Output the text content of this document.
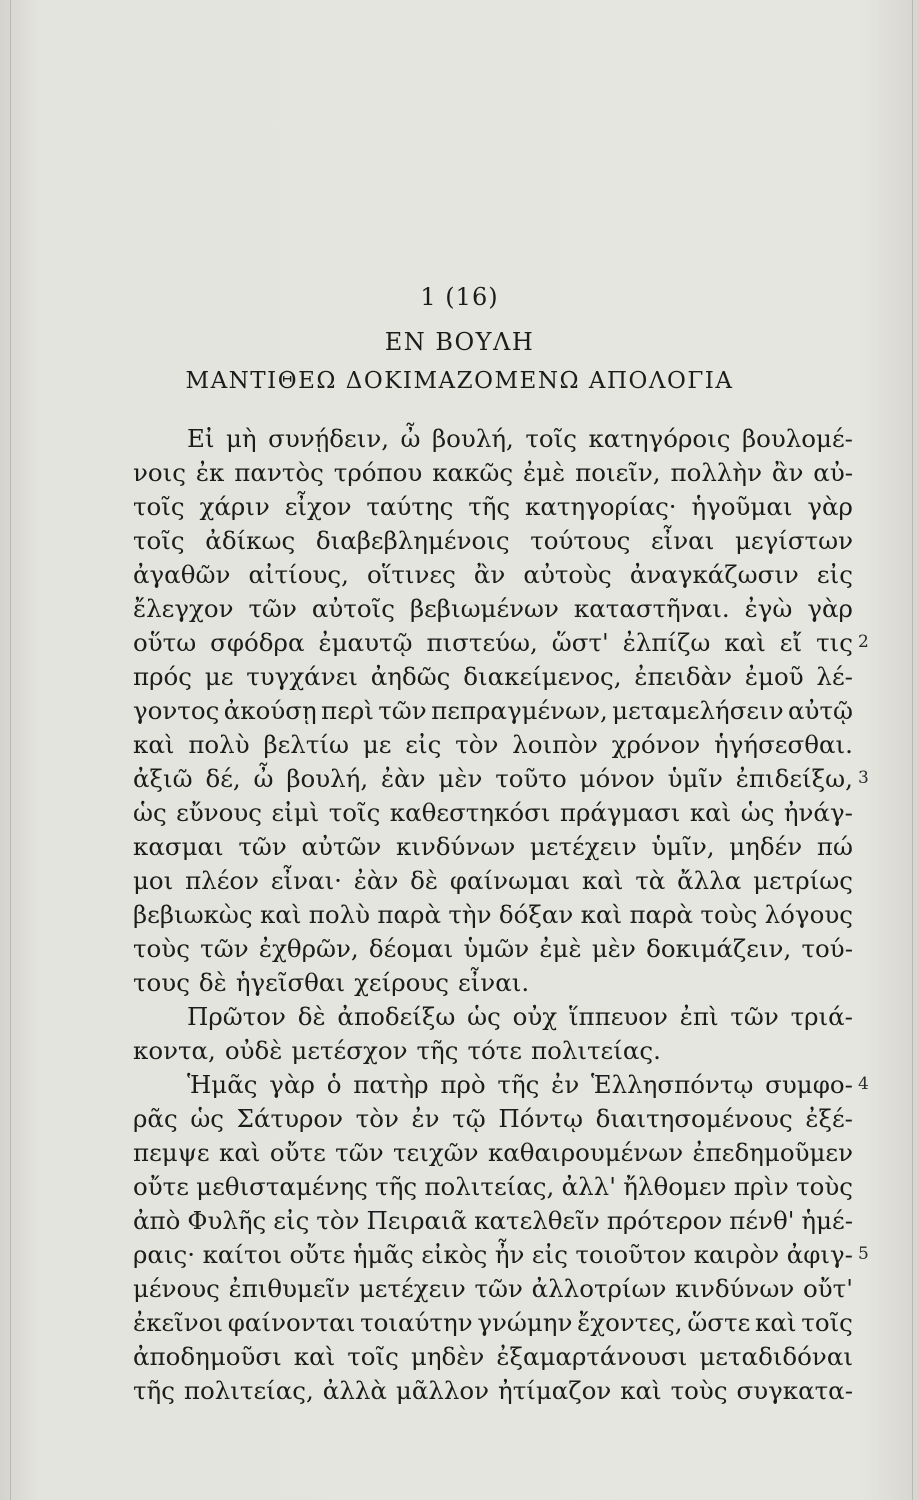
1 (16)
ΕΝ ΒΟΥΛΗ
ΜΑΝΤΙΘΕΩ ΔΟΚΙΜΑΖΟΜΕΝΩ ΑΠΟΛΟΓΙΑ
Εἰ μὴ συνῄδειν, ὦ βουλή, τοῖς κατηγόροις βουλομέ-
νοις ἐκ παντὸς τρόπου κακῶς ἐμὲ ποιεῖν, πολλὴν ἂν αὐ-
τοῖς χάριν εἶχον ταύτης τῆς κατηγορίας· ἡγοῦμαι γὰρ
τοῖς ἀδίκως διαβεβλημένοις τούτους εἶναι μεγίστων
ἀγαθῶν αἰτίους, οἵτινες ἂν αὐτοὺς ἀναγκάζωσιν εἰς
ἔλεγχον τῶν αὐτοῖς βεβιωμένων καταστῆναι. ἐγὼ γὰρ
οὕτω σφόδρα ἐμαυτῷ πιστεύω, ὥστ' ἐλπίζω καὶ εἴ τις
πρός με τυγχάνει ἀηδῶς διακείμενος, ἐπειδὰν ἐμοῦ λέ-
γοντος ἀκούσῃ περὶ τῶν πεπραγμένων, μεταμελήσειν αὐτῷ
καὶ πολὺ βελτίω με εἰς τὸν λοιπὸν χρόνον ἡγήσεσθαι.
ἀξιῶ δέ, ὦ βουλή, ἐὰν μὲν τοῦτο μόνον ὑμῖν ἐπιδείξω,
ὡς εὔνους εἰμὶ τοῖς καθεστηκόσι πράγμασι καὶ ὡς ἠνάγ-
κασμαι τῶν αὐτῶν κινδύνων μετέχειν ὑμῖν, μηδέν πώ
μοι πλέον εἶναι· ἐὰν δὲ φαίνωμαι καὶ τὰ ἄλλα μετρίως
βεβιωκὼς καὶ πολὺ παρὰ τὴν δόξαν καὶ παρὰ τοὺς λόγους
τοὺς τῶν ἐχθρῶν, δέομαι ὑμῶν ἐμὲ μὲν δοκιμάζειν, τού-
τους δὲ ἡγεῖσθαι χείρους εἶναι.
Πρῶτον δὲ ἀποδείξω ὡς οὐχ ἵππευον ἐπὶ τῶν τριά-
κοντα, οὐδὲ μετέσχον τῆς τότε πολιτείας.
Ἡμᾶς γὰρ ὁ πατὴρ πρὸ τῆς ἐν Ἑλλησπόντῳ συμφο-
ρᾶς ὡς Σάτυρον τὸν ἐν τῷ Πόντῳ διαιτησομένους ἐξέ-
πεμψε καὶ οὔτε τῶν τειχῶν καθαιρουμένων ἐπεδημοῦμεν
οὔτε μεθισταμένης τῆς πολιτείας, ἀλλ' ἤλθομεν πρὶν τοὺς
ἀπὸ Φυλῆς εἰς τὸν Πειραιᾶ κατελθεῖν πρότερον πένθ' ἡμέ-
ραις· καίτοι οὔτε ἡμᾶς εἰκὸς ἦν εἰς τοιοῦτον καιρὸν ἀφιγ-
μένους ἐπιθυμεῖν μετέχειν τῶν ἀλλοτρίων κινδύνων οὔτ'
ἐκεῖνοι φαίνονται τοιαύτην γνώμην ἔχοντες, ὥστε καὶ τοῖς
ἀποδημοῦσι καὶ τοῖς μηδὲν ἐξαμαρτάνουσι μεταδιδόναι
τῆς πολιτείας, ἀλλὰ μᾶλλον ἠτίμαζον καὶ τοὺς συγκατα-
2
3
4
5
